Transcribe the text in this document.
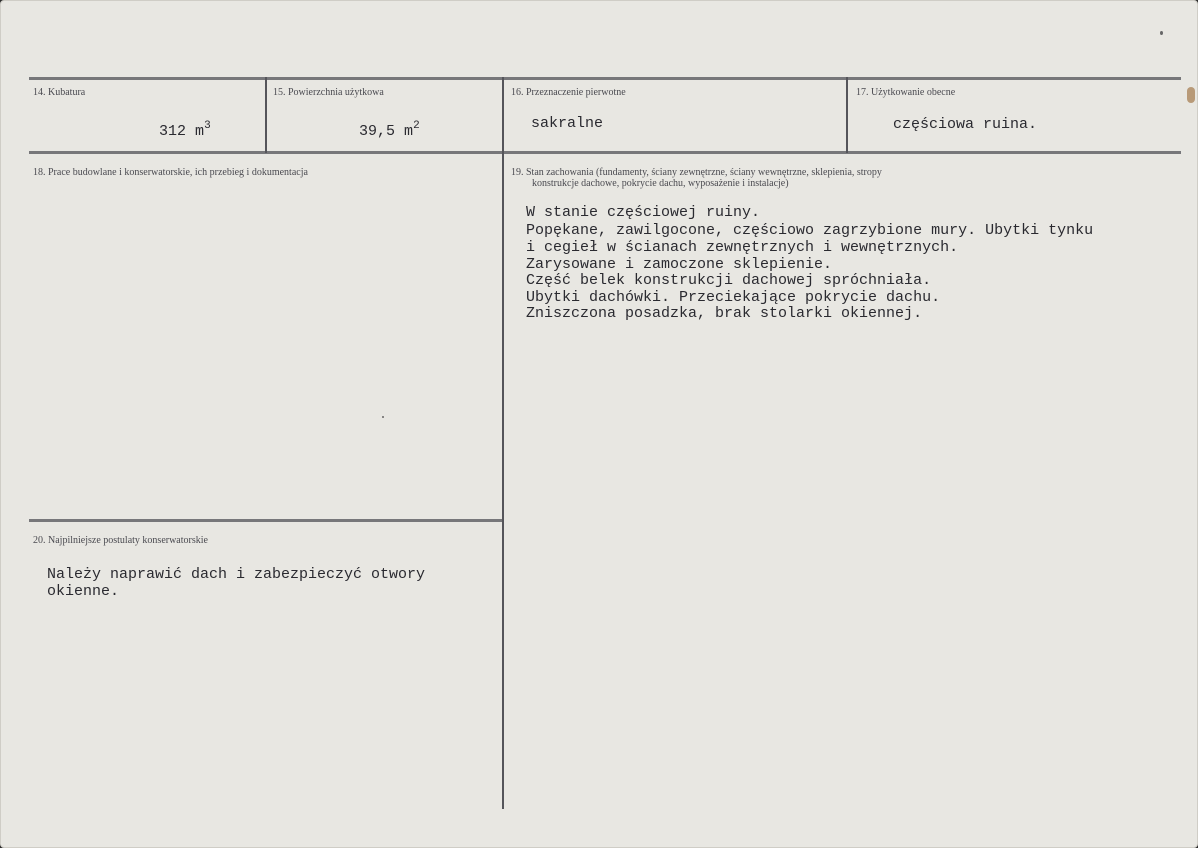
14. Kubatura

312 $m^3$

15. Powierzchnia użytkowa

39,5 $m^2$

16. Przeznaczenie pierwotne
sakralne
17. Użytkowanie obecne
częściowa ruina.
18. Prace budowlane i konserwatorskie, ich przebieg i dokumentacja	19. Stan zachowania (fundamenty, ściany zewnętrzne, ściany wewnętrzne, sklepienia, stropy
konstrukcje dachowe, pokrycie dachu, wyposażenie i instalacje)
W stanie częściowej ruiny.
Popękane, zawilgocone, częściowo zagrzybione mury. Ubytki tynku
i cegieł w ścianach zewnętrznych i wewnętrznych.
Zarysowane i zamoczone sklepienie.
Część belek konstrukcji dachowej spróchniała.
Ubytki dachówki. Przeciekające pokrycie dachu.
Zniszczona posadzka, brak stolarki okiennej.
20. Najpilniejsze postulaty konserwatorskie
Należy naprawić dach i zabezpieczyć otwory
okienne.
